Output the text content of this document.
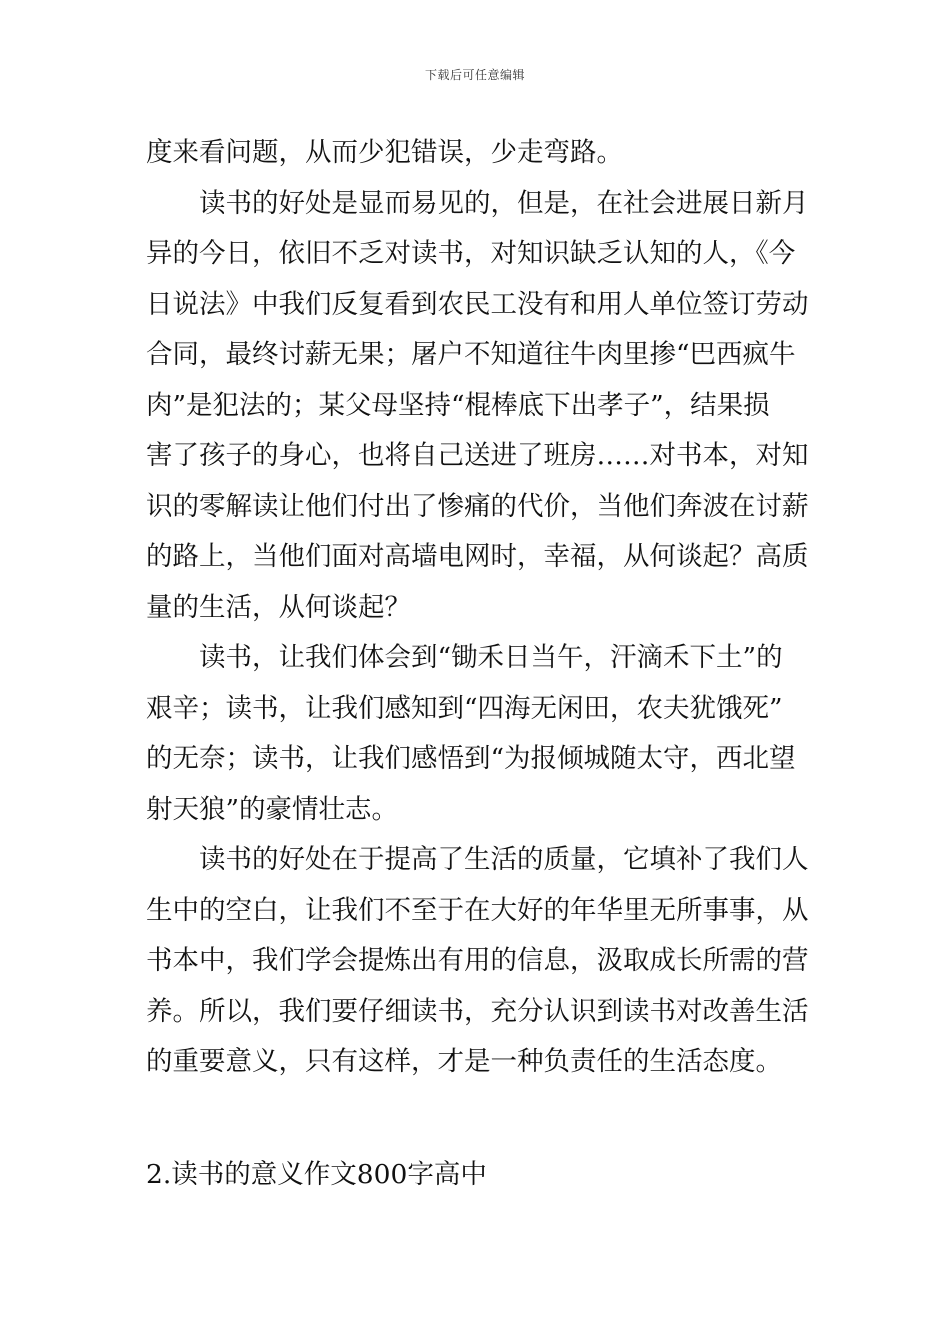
下载后可任意编辑
度来看问题，从而少犯错误，少走弯路。
读书的好处是显而易见的，但是，在社会进展日新月
异的今日，依旧不乏对读书，对知识缺乏认知的人，《今
日说法》中我们反复看到农民工没有和用人单位签订劳动
合同，最终讨薪无果；屠户不知道往牛肉里掺“巴西疯牛
肉”是犯法的；某父母坚持“棍棒底下出孝子”，结果损
害了孩子的身心，也将自己送进了班房……对书本，对知
识的零解读让他们付出了惨痛的代价，当他们奔波在讨薪
的路上，当他们面对高墙电网时，幸福，从何谈起？高质
量的生活，从何谈起？
读书，让我们体会到“锄禾日当午，汗滴禾下土”的
艰辛；读书，让我们感知到“四海无闲田，农夫犹饿死”
的无奈；读书，让我们感悟到“为报倾城随太守，西北望
射天狼”的豪情壮志。
读书的好处在于提高了生活的质量，它填补了我们人
生中的空白，让我们不至于在大好的年华里无所事事，从
书本中，我们学会提炼出有用的信息，汲取成长所需的营
养。所以，我们要仔细读书，充分认识到读书对改善生活
的重要意义，只有这样，才是一种负责任的生活态度。
2.读书的意义作文800字高中
